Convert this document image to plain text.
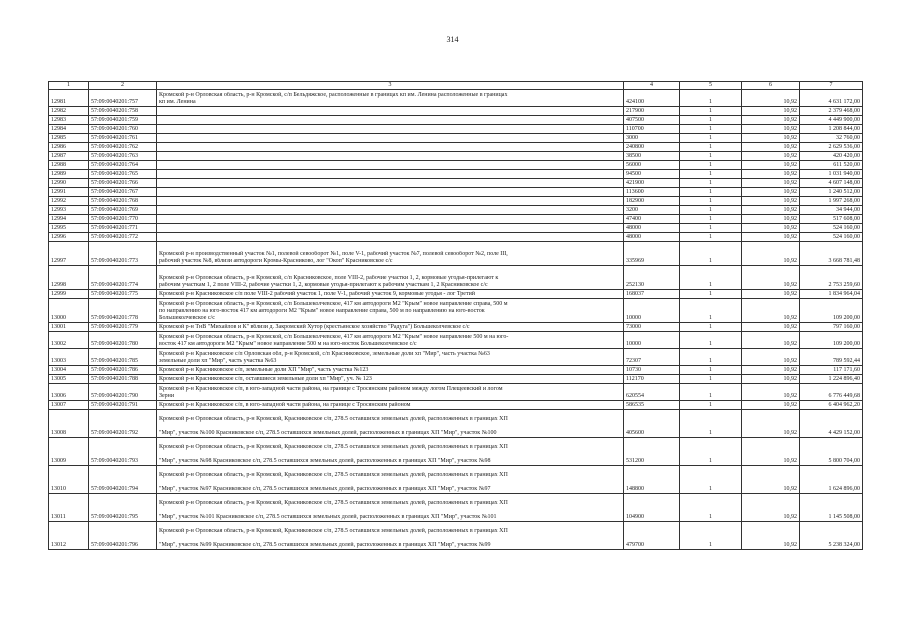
314
1	2	3	4	5	6	7
12981	57:09:0040201:757	Кромской р-н Орловская область, р-н Кромской, с/п Бельдяжское, расположенные в границах кп им. Ленина расположенные в границах
кп им. Ленина	424100	1	10,92	4 631 172,00
12982	57:09:0040201:758		217900	1	10,92	2 379 468,00
12983	57:09:0040201:759		407500	1	10,92	4 449 900,00
12984	57:09:0040201:760		110700	1	10,92	1 208 844,00
12985	57:09:0040201:761		3000	1	10,92	32 760,00
12986	57:09:0040201:762		240800	1	10,92	2 629 536,00
12987	57:09:0040201:763		38500	1	10,92	420 420,00
12988	57:09:0040201:764		56000	1	10,92	611 520,00
12989	57:09:0040201:765		94500	1	10,92	1 031 940,00
12990	57:09:0040201:766		421900	1	10,92	4 607 148,00
12991	57:09:0040201:767		113600	1	10,92	1 240 512,00
12992	57:09:0040201:768		182900	1	10,92	1 997 268,00
12993	57:09:0040201:769		3200	1	10,92	34 944,00
12994	57:09:0040201:770		47400	1	10,92	517 608,00
12995	57:09:0040201:771		48000	1	10,92	524 160,00
12996	57:09:0040201:772		48000	1	10,92	524 160,00
12997	57:09:0040201:773	Кромской р-н производственный участок №1, полевой севооборот №1, поле V-1, рабочий участок №7, полевой севооборот №2, поле III,
рабочий участок №8, вблизи автодороги Кромы-Красниково, лог "Окоп" Красниковское с/с	335969	1	10,92	3 668 781,48
12998	57:09:0040201:774	Кромской р-н Орловская область, р-н Кромской, с/п Красниковское, поле VIII-2, рабочие участки 1, 2, кормовые угодья-прилегают к
рабочим участкам 1, 2 поле VIII-2, рабочие участки 1, 2, кормовые угодья-прилегают к рабочим участкам 1, 2 Красниковское с/с	252130	1	10,92	2 753 259,60
12999	57:09:0040201:775	Кромской р-н Красниковское с/п поле VIII-2 рабочий участок 1, поле V-1, рабочий участок 9, кормовые угодья - лог Третий	168037	1	10,92	1 834 964,04
13000	57:09:0040201:778	Кромской р-н Орловская область, р-н Кромской, с/п Большеколчевское, 417 км автодороги М2 "Крым" новое направление справа, 500 м
по направлению на юго-восток 417 км автодороги М2 "Крым" новое направление справа, 500 м по направлению на юго-восток
Большеколчевское с/с	10000	1	10,92	109 200,00
13001	57:09:0040201:779	Кромской р-н ТнВ "Михайлов и К" вблизи д. Закромский Хутор (крестьянское хозяйство "Радуга") Большеколчевское с/с	73000	1	10,92	797 160,00
13002	57:09:0040201:780	Кромской р-н Орловская область, р-н Кромской, с/п Большеколчевское, 417 км автодороги М2 "Крым" новое направление 500 м на юго-
восток 417 км автодороги М2 "Крым" новое направление 500 м на юго-восток Большеколчевское с/с	10000	1	10,92	109 200,00
13003	57:09:0040201:785	Кромской р-н Красниковское с/п Орловская обл, р-н Кромской, с/п Красниковское, земельные доли хп "Мир", часть участка №63
земельные доли хп "Мир", часть участка №63	72307	1	10,92	789 592,44
13004	57:09:0040201:786	Кромской р-н Красниковское с/п, земельные доли ХП "Мир", часть участка №123	10730	1	10,92	117 171,60
13005	57:09:0040201:788	Кромской р-н Красниковское с/п, оставшиеся земельные доли хп "Мир", уч. № 123	112170	1	10,92	1 224 896,40
13006	57:09:0040201:790	Кромской р-н Красниковское с/п, в юго-западной части района, на границе с Тросянским районом между логом Плещеевский и логом
Зерни	620554	1	10,92	6 776 449,68
13007	57:09:0040201:791	Кромской р-н Красниковское с/п, в юго-западной части района, на границе с Тросянским районом	586535	1	10,92	6 404 962,20
13008	57:09:0040201:792	Кромской р-н Орловская область, р-н Кромской, Красниковское с/п, 278.5 оставшихся земельных долей, расположенных в границах ХП

"Мир", участок №100 Красниковское с/п, 278.5 оставшихся земельных долей, расположенных в границах ХП "Мир", участок №100	405600	1	10,92	4 429 152,00
13009	57:09:0040201:793	Кромской р-н Орловская область, р-н Кромской, Красниковское с/п, 278.5 оставшихся земельных долей, расположенных в границах ХП

"Мир", участок №98 Красниковское с/п, 278.5 оставшихся земельных долей, расположенных в границах ХП "Мир", участок №98	531200	1	10,92	5 800 704,00
13010	57:09:0040201:794	Кромской р-н Орловская область, р-н Кромской, Красниковское с/п, 278.5 оставшихся земельных долей, расположенных в границах ХП

"Мир", участок №97 Красниковское с/п, 278.5 оставшихся земельных долей, расположенных в границах ХП "Мир", участок №97	148800	1	10,92	1 624 896,00
13011	57:09:0040201:795	Кромской р-н Орловская область, р-н Кромской, Красниковское с/п, 278.5 оставшихся земельных долей, расположенных в границах ХП

"Мир", участок №101 Красниковское с/п, 278.5 оставшихся земельных долей, расположенных в границах ХП "Мир", участок №101	104900	1	10,92	1 145 508,00
13012	57:09:0040201:796	Кромской р-н Орловская область, р-н Кромской, Красниковское с/п, 278.5 оставшихся земельных долей, расположенных в границах ХП

"Мир", участок №99 Красниковское с/п, 278.5 оставшихся земельных долей, расположенных в границах ХП "Мир", участок №99	479700	1	10,92	5 238 324,00
